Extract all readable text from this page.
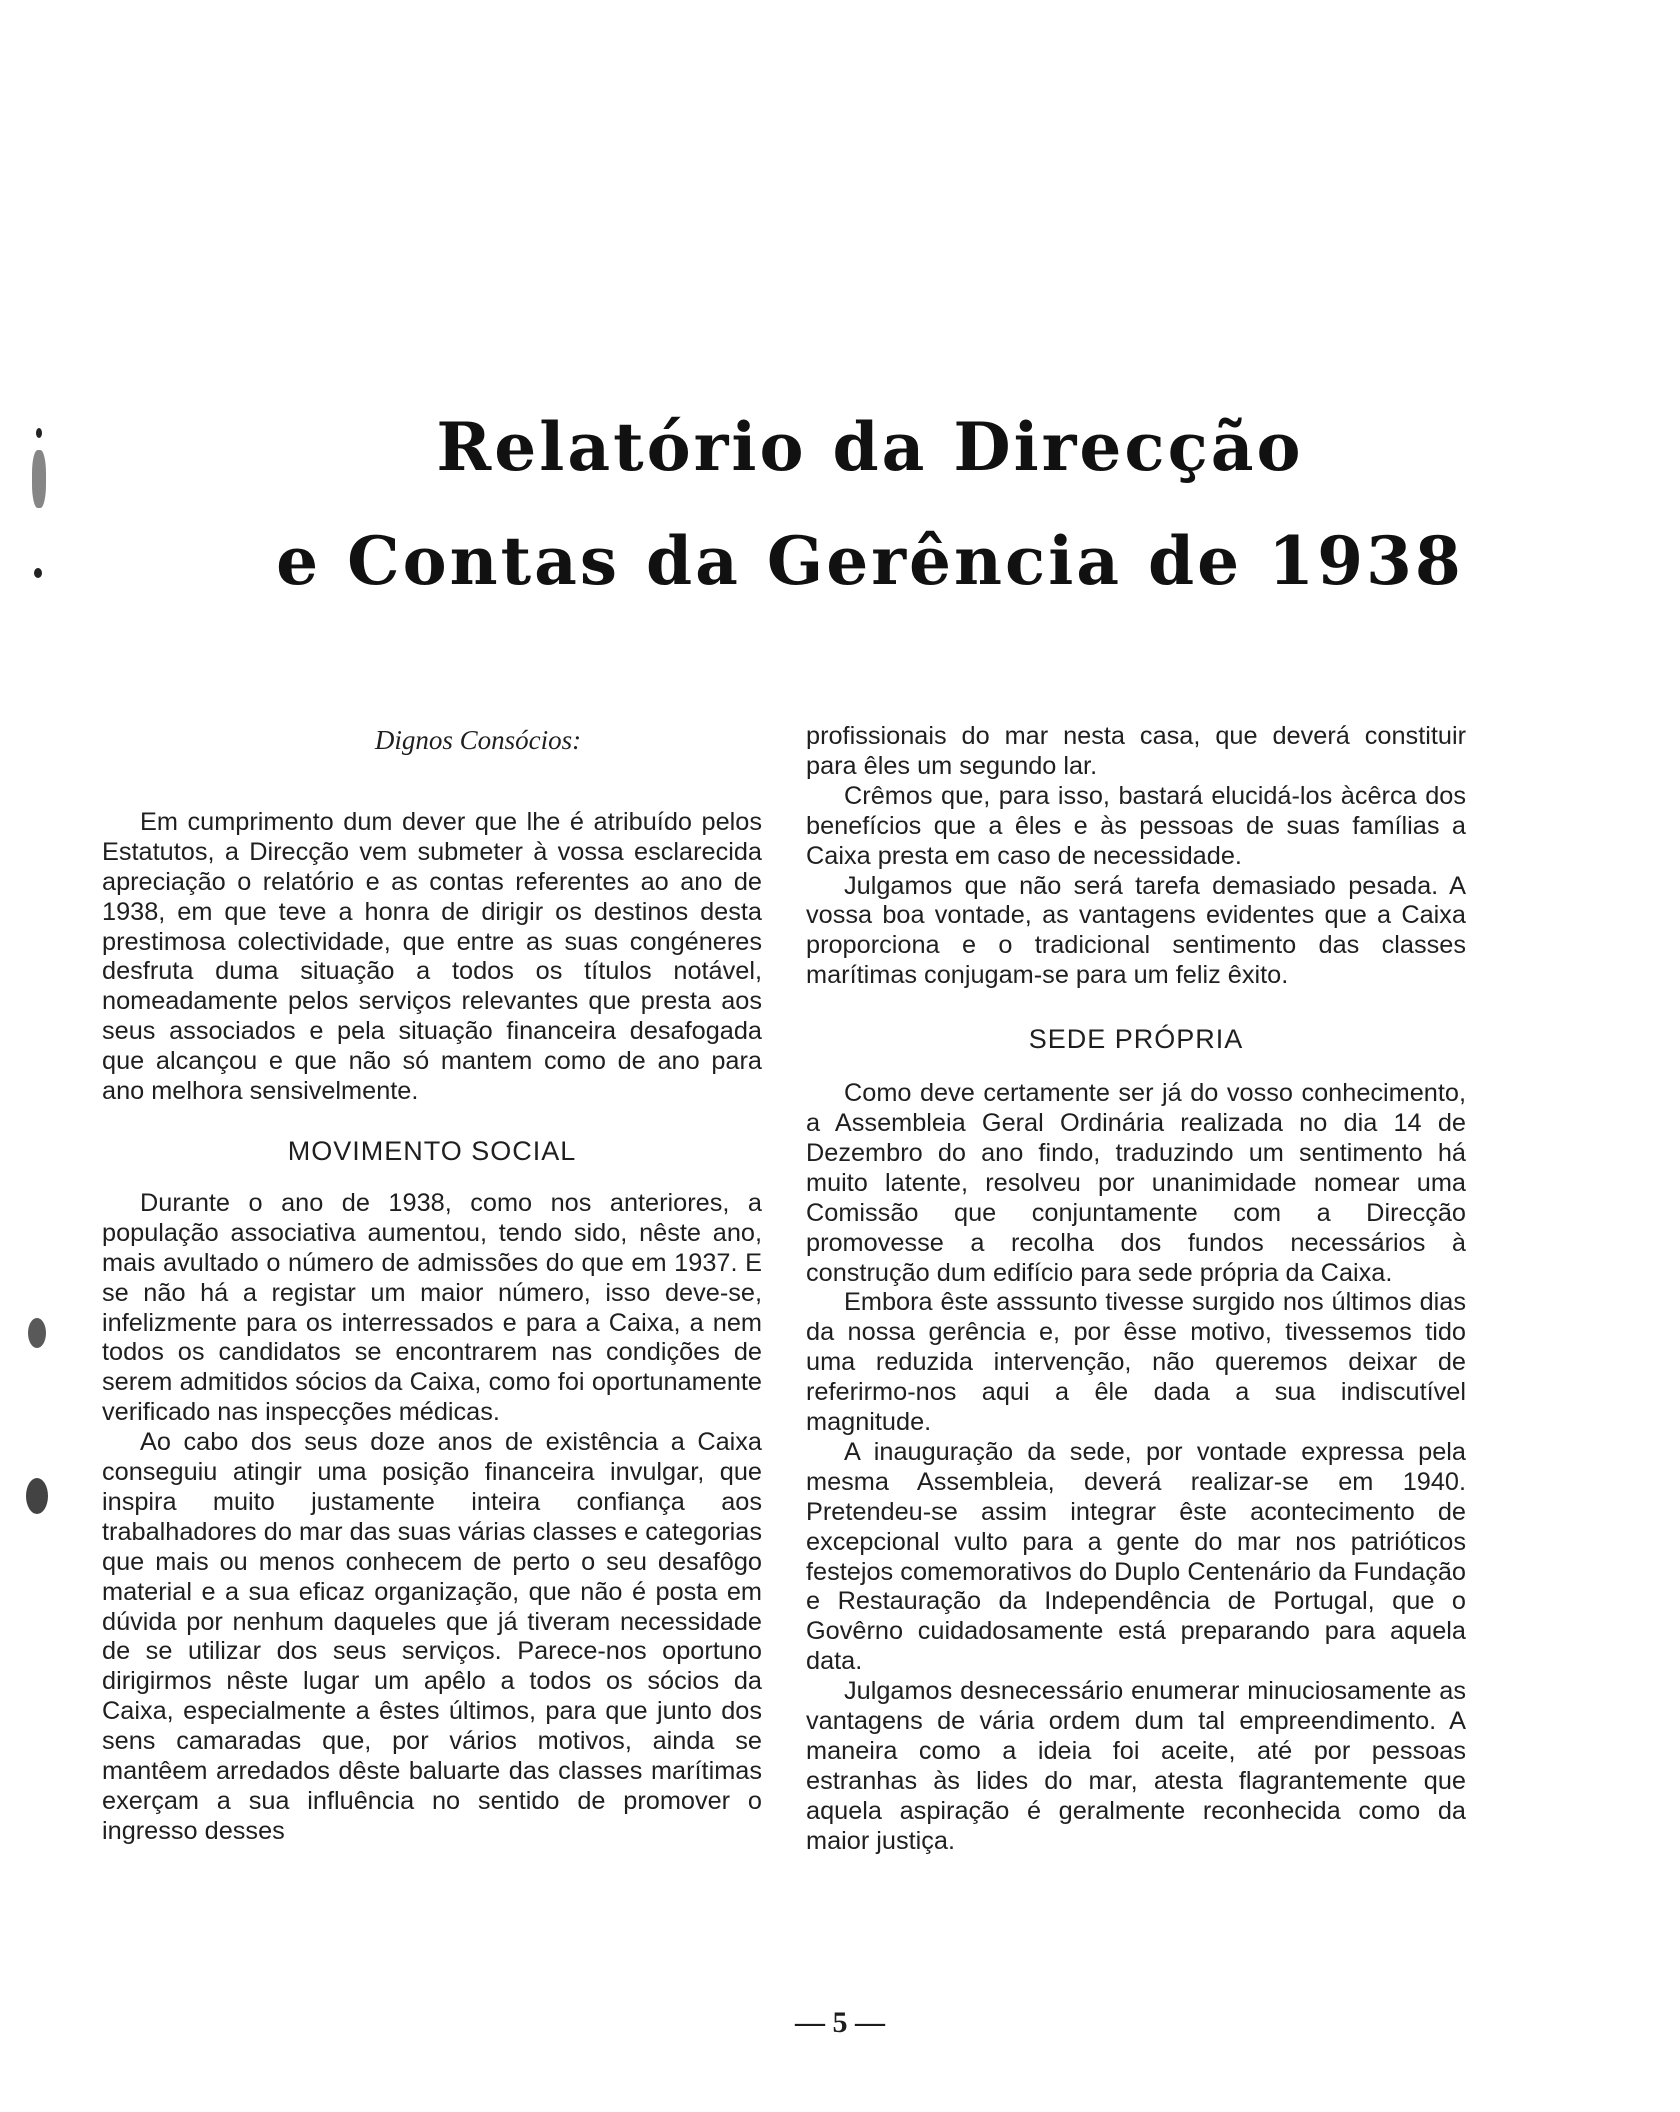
Relatório da Direcção
e Contas da Gerência de 1938
Dignos Consócios:

Em cumprimento dum dever que lhe é atribuído pelos Estatutos, a Direcção vem submeter à vossa esclarecida apreciação o relatório e as contas referentes ao ano de 1938, em que teve a honra de dirigir os destinos desta prestimosa colectividade, que entre as suas congéneres desfruta duma situação a todos os títulos notável, nomeadamente pelos serviços relevantes que presta aos seus associados e pela situação financeira desafogada que alcançou e que não só mantem como de ano para ano melhora sensivelmente.

MOVIMENTO SOCIAL

Durante o ano de 1938, como nos anteriores, a população associativa aumentou, tendo sido, nêste ano, mais avultado o número de admissões do que em 1937. E se não há a registar um maior número, isso deve-se, infelizmente para os interressados e para a Caixa, a nem todos os candidatos se encontrarem nas condições de serem admitidos sócios da Caixa, como foi oportunamente verificado nas inspecções médicas.

Ao cabo dos seus doze anos de existência a Caixa conseguiu atingir uma posição financeira invulgar, que inspira muito justamente inteira confiança aos trabalhadores do mar das suas várias classes e categorias que mais ou menos conhecem de perto o seu desafôgo material e a sua eficaz organização, que não é posta em dúvida por nenhum daqueles que já tiveram necessidade de se utilizar dos seus serviços. Parece-nos oportuno dirigirmos nêste lugar um apêlo a todos os sócios da Caixa, especialmente a êstes últimos, para que junto dos sens camaradas que, por vários motivos, ainda se mantêem arredados dêste baluarte das classes marítimas exerçam a sua influência no sentido de promover o ingresso desses

profissionais do mar nesta casa, que deverá constituir para êles um segundo lar.

Crêmos que, para isso, bastará elucidá-los àcêrca dos benefícios que a êles e às pessoas de suas famílias a Caixa presta em caso de necessidade.

Julgamos que não será tarefa demasiado pesada. A vossa boa vontade, as vantagens evidentes que a Caixa proporciona e o tradicional sentimento das classes marítimas conjugam-se para um feliz êxito.

SEDE PRÓPRIA

Como deve certamente ser já do vosso conhecimento, a Assembleia Geral Ordinária realizada no dia 14 de Dezembro do ano findo, traduzindo um sentimento há muito latente, resolveu por unanimidade nomear uma Comissão que conjuntamente com a Direcção promovesse a recolha dos fundos necessários à construção dum edifício para sede própria da Caixa.

Embora êste asssunto tivesse surgido nos últimos dias da nossa gerência e, por êsse motivo, tivessemos tido uma reduzida intervenção, não queremos deixar de referirmo-nos aqui a êle dada a sua indiscutível magnitude.

A inauguração da sede, por vontade expressa pela mesma Assembleia, deverá realizar-se em 1940. Pretendeu-se assim integrar êste acontecimento de excepcional vulto para a gente do mar nos patrióticos festejos comemorativos do Duplo Centenário da Fundação e Restauração da Independência de Portugal, que o Govêrno cuidadosamente está preparando para aquela data.

Julgamos desnecessário enumerar minuciosamente as vantagens de vária ordem dum tal empreendimento. A maneira como a ideia foi aceite, até por pessoas estranhas às lides do mar, atesta flagrantemente que aquela aspiração é geralmente reconhecida como da maior justiça.

— 5 —
